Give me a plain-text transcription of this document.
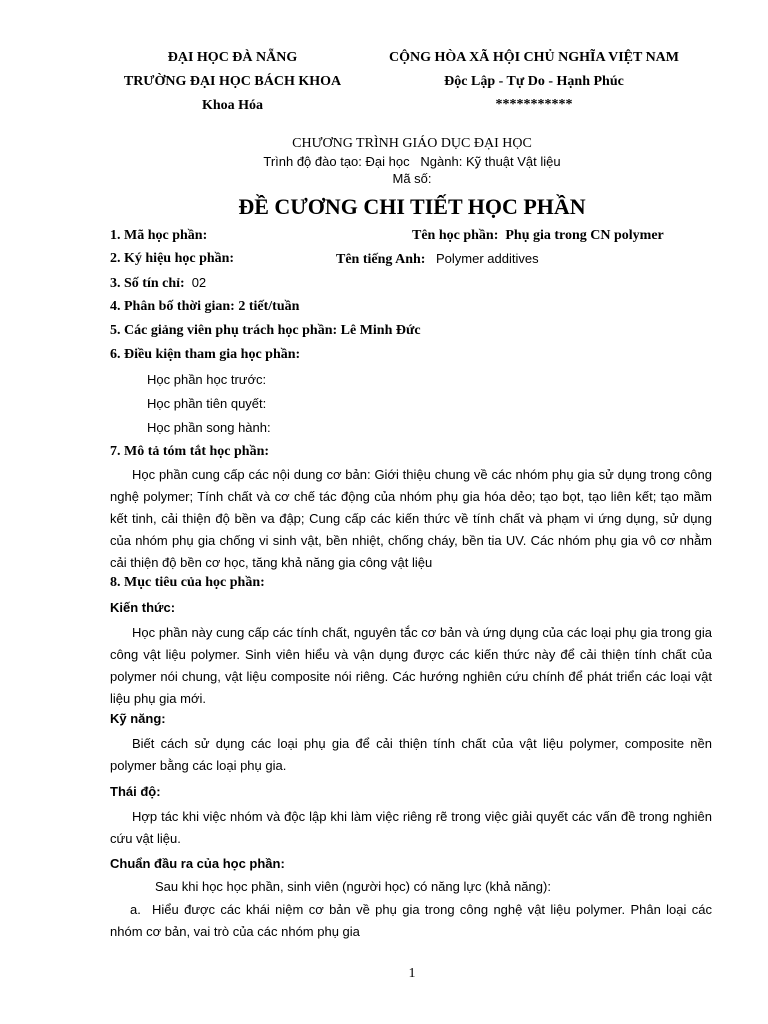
ĐẠI HỌC ĐÀ NẴNG
TRƯỜNG ĐẠI HỌC BÁCH KHOA
Khoa Hóa
CỘNG HÒA XÃ HỘI CHỦ NGHĨA VIỆT NAM
Độc Lập - Tự Do - Hạnh Phúc
***********
CHƯƠNG TRÌNH GIÁO DỤC ĐẠI HỌC
Trình độ đào tạo: Đại học Ngành: Kỹ thuật Vật liệu
Mã số:
ĐỀ CƯƠNG CHI TIẾT HỌC PHẦN
1. Mã học phần:	Tên học phần: Phụ gia trong CN polymer
2. Ký hiệu học phần:	Tên tiếng Anh: Polymer additives
3. Số tín chỉ: 02
4. Phân bố thời gian: 2 tiết/tuần
5. Các giảng viên phụ trách học phần: Lê Minh Đức
6. Điều kiện tham gia học phần:
Học phần học trước:
Học phần tiên quyết:
Học phần song hành:
7. Mô tả tóm tắt học phần:
Học phần cung cấp các nội dung cơ bản: Giới thiệu chung về các nhóm phụ gia sử dụng trong công nghệ polymer; Tính chất và cơ chế tác động của nhóm phụ gia hóa dẻo; tạo bọt, tạo liên kết; tạo mầm kết tinh, cải thiện độ bền va đập; Cung cấp các kiến thức về tính chất và phạm vi ứng dụng, sử dụng của nhóm phụ gia chống vi sinh vật, bền nhiệt, chống cháy, bền tia UV. Các nhóm phụ gia vô cơ nhằm cải thiện độ bền cơ học, tăng khả năng gia công vật liệu
8. Mục tiêu của học phần:
Kiến thức:
Học phần này cung cấp các tính chất, nguyên tắc cơ bản và ứng dụng của các loại phụ gia trong gia công vật liệu polymer. Sinh viên hiểu và vận dụng được các kiến thức này để cải thiện tính chất của polymer nói chung, vật liệu composite nói riêng. Các hướng nghiên cứu chính để phát triển các loại vật liệu phụ gia mới.
Kỹ năng:
Biết cách sử dụng các loại phụ gia để cải thiện tính chất của vật liệu polymer, composite nền polymer bằng các loại phụ gia.
Thái độ:
Hợp tác khi việc nhóm và độc lập khi làm việc riêng rẽ trong việc giải quyết các vấn đề trong nghiên cứu vật liệu.
Chuẩn đầu ra của học phần:
Sau khi học học phần, sinh viên (người học) có năng lực (khả năng):
a. Hiểu được các khái niệm cơ bản về phụ gia trong công nghệ vật liệu polymer. Phân loại các nhóm cơ bản, vai trò của các nhóm phụ gia
1
